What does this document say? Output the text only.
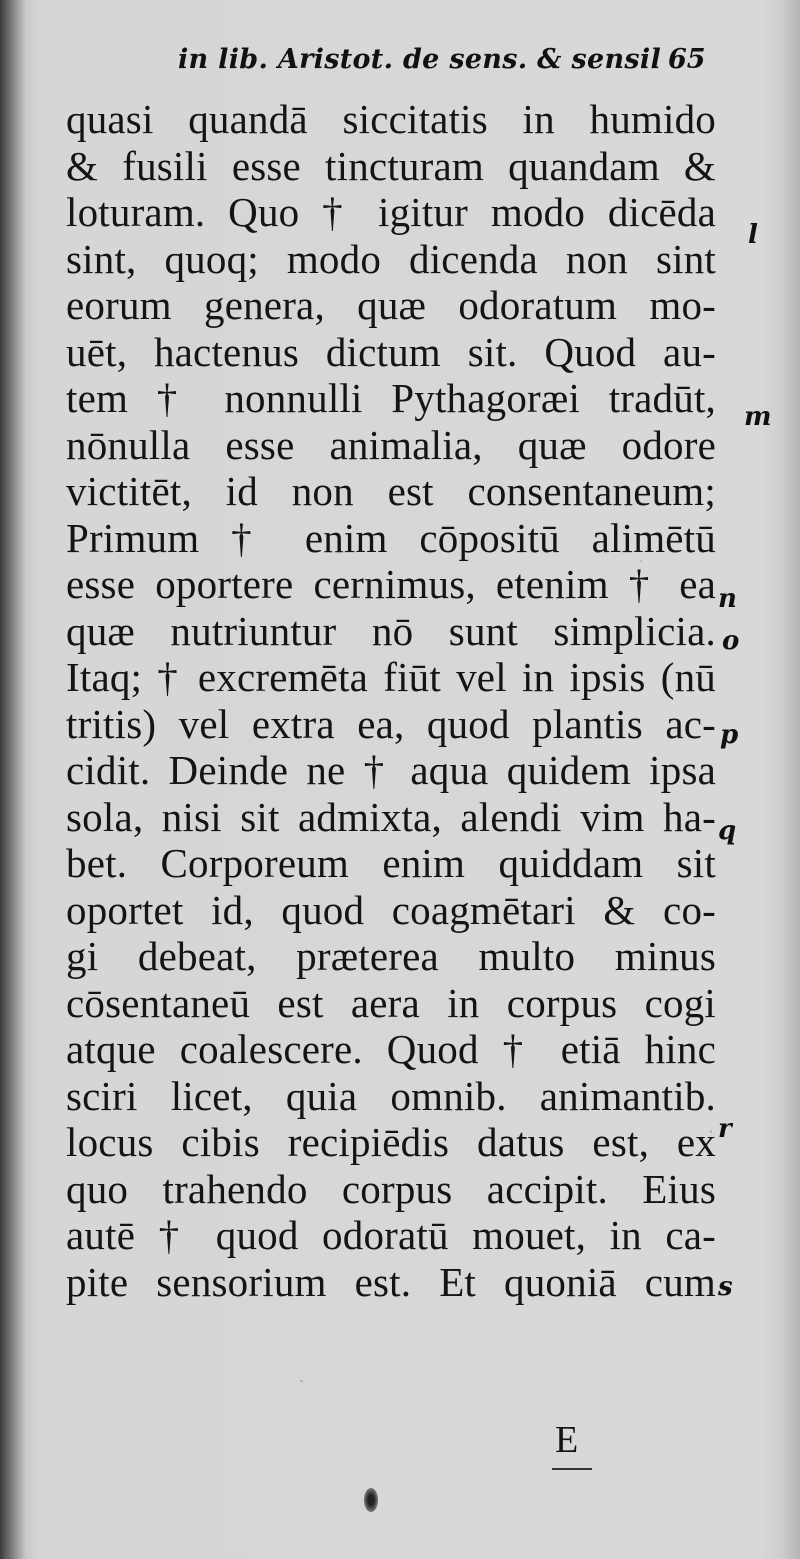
in lib. Aristot. de sens. & sensil 65
quasi quandā siccitatis in humido
& fusili esse tincturam quandam &
loturam. Quo † igitur modo dicēda
sint, quoq; modo dicenda non sint
eorum genera, quæ odoratum mo-
uēt, hactenus dictum sit. Quod au-
tem † nonnulli Pythagoræi tradūt,
nōnulla esse animalia, quæ odore
victitēt, id non est consentaneum;
Primum † enim cōpositū alimētū
esse oportere cernimus, etenim † ea
quæ nutriuntur nō sunt simplicia.
Itaq; † excremēta fiūt vel in ipsis (nū
tritis) vel extra ea, quod plantis ac-
cidit. Deinde ne † aqua quidem ipsa
sola, nisi sit admixta, alendi vim ha-
bet. Corporeum enim quiddam sit
oportet id, quod coagmētari & co-
gi debeat, præterea multo minus
cōsentaneū est aera in corpus cogi
atque coalescere. Quod † etiā hinc
sciri licet, quia omnib. animantib.
locus cibis recipiēdis datus est, ex
quo trahendo corpus accipit. Eius
autē † quod odoratū mouet, in ca-
pite sensorium est. Et quoniā cum
l
m
n
o
p
q
r
s
E
